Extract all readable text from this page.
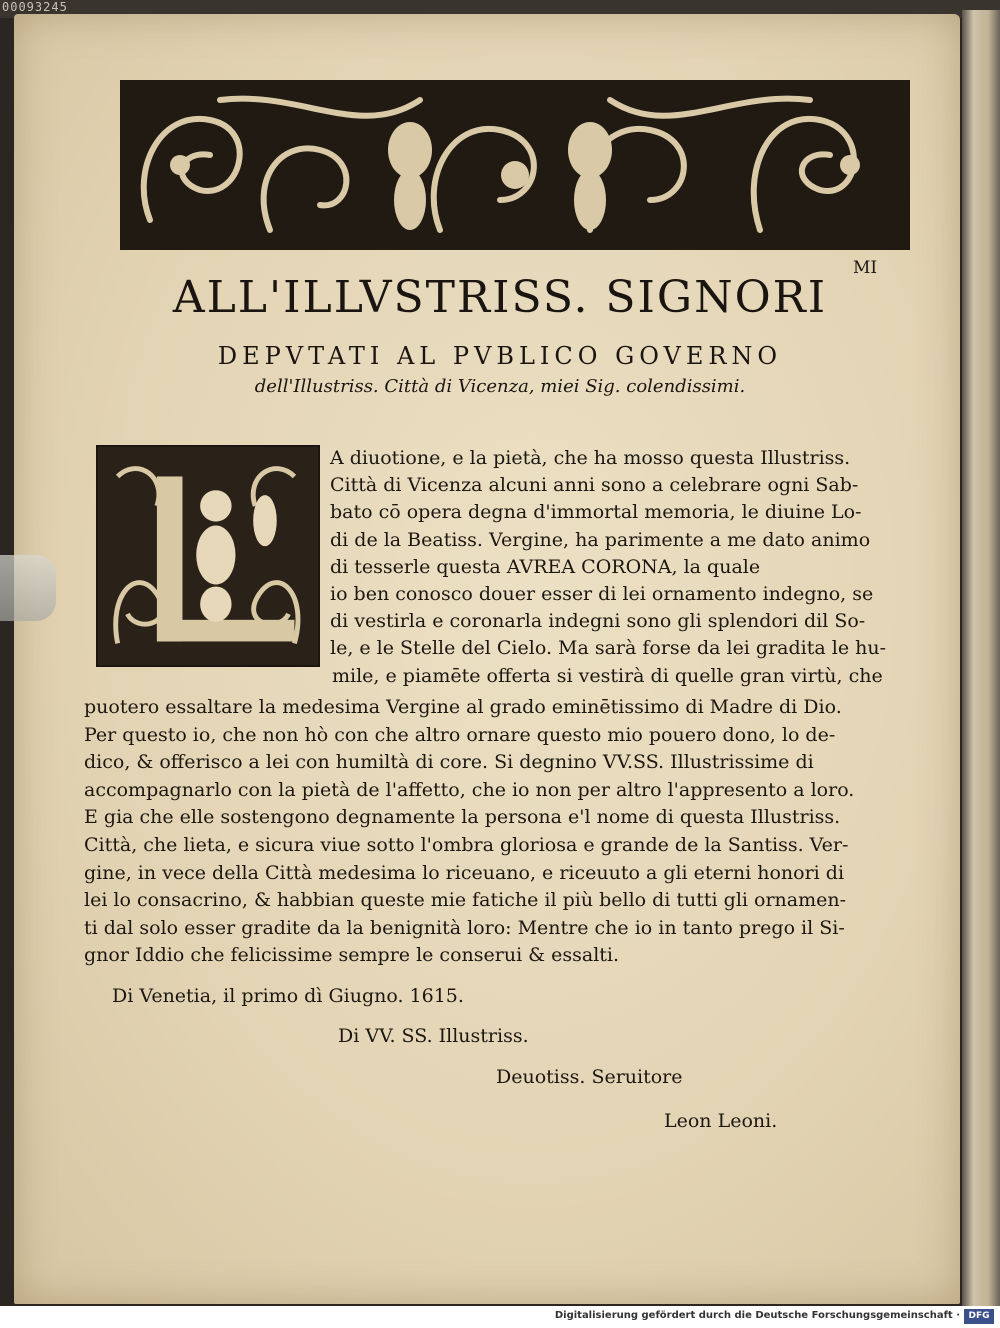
00093245
MI
ALL'ILLVSTRISS. SIGNORI
DEPVTATI AL PVBLICO GOVERNO
dell'Illustriss. Città di Vicenza, miei Sig. colendissimi.
A diuotione, e la pietà, che ha mosso questa Illustriss.
Città di Vicenza alcuni anni sono a celebrare ogni Sab-
bato cō opera degna d'immortal memoria, le diuine Lo-
di de la Beatiss. Vergine, ha parimente a me dato animo
di tesserle questa AVREA CORONA, la quale
io ben conosco douer esser di lei ornamento indegno, se
di vestirla e coronarla indegni sono gli splendori dil So-
le, e le Stelle del Cielo. Ma sarà forse da lei gradita le hu-
mile, e piamēte offerta si vestirà di quelle gran virtù, che
puotero essaltare la medesima Vergine al grado eminētissimo di Madre di Dio.
Per questo io, che non hò con che altro ornare questo mio pouero dono, lo de-
dico, & offerisco a lei con humiltà di core. Si degnino VV.SS. Illustrissime di
accompagnarlo con la pietà de l'affetto, che io non per altro l'appresento a loro.
E gia che elle sostengono degnamente la persona e'l nome di questa Illustriss.
Città, che lieta, e sicura viue sotto l'ombra gloriosa e grande de la Santiss. Ver-
gine, in vece della Città medesima lo riceuano, e riceuuto a gli eterni honori di
lei lo consacrino, & habbian queste mie fatiche il più bello di tutti gli ornamen-
ti dal solo esser gradite da la benignità loro: Mentre che io in tanto prego il Si-
gnor Iddio che felicissime sempre le conserui & essalti.
Di Venetia, il primo dì Giugno. 1615.
Di VV. SS. Illustriss.
Deuotiss. Seruitore
Leon Leoni.
Digitalisierung gefördert durch die Deutsche Forschungsgemeinschaft · DFG
